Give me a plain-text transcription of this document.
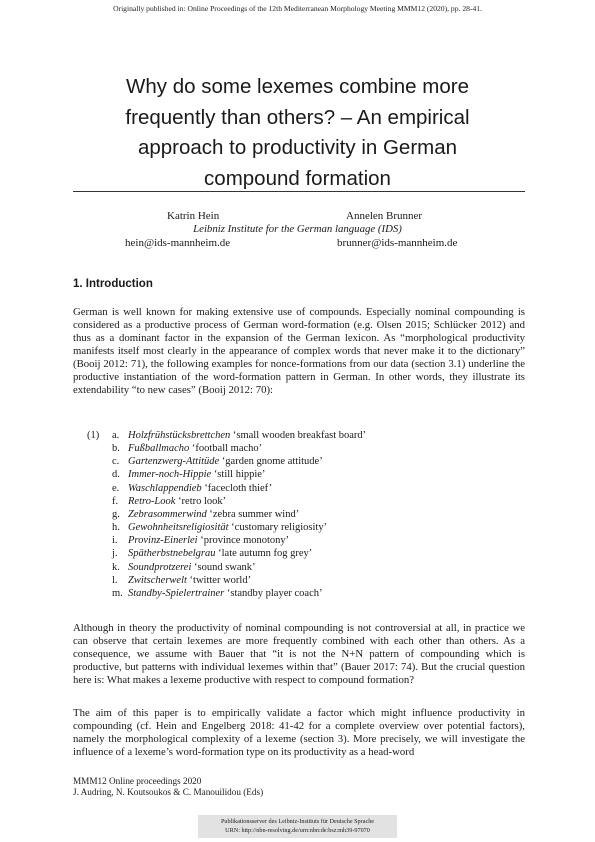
Originally published in: Online Proceedings of the 12th Mediterranean Morphology Meeting MMM12 (2020), pp. 28-41.
Why do some lexemes combine more
frequently than others? – An empirical
approach to productivity in German
compound formation
Katrin Hein	Annelen Brunner
Leibniz Institute for the German language (IDS)
hein@ids-mannheim.de	brunner@ids-mannheim.de
1. Introduction
German is well known for making extensive use of compounds. Especially nominal compounding is considered as a productive process of German word-formation (e.g. Olsen 2015; Schlücker 2012) and thus as a dominant factor in the expansion of the German lexicon. As “morphological productivity manifests itself most clearly in the appearance of complex words that never make it to the dictionary” (Booij 2012: 71), the following examples for nonce-formations from our data (section 3.1) underline the productive instantiation of the word-formation pattern in German. In other words, they illustrate its extendability “to new cases” (Booij 2012: 70):
(1) a. Holzfrühstücksbrettchen ‘small wooden breakfast board’
b. Fußballmacho ‘football macho’
c. Gartenzwerg-Attitüde ‘garden gnome attitude’
d. Immer-noch-Hippie ‘still hippie’
e. Waschlappendieb ‘facecloth thief’
f. Retro-Look ‘retro look’
g. Zebrasommerwind ‘zebra summer wind’
h. Gewohnheitsreligiosität ‘customary religiosity’
i. Provinz-Einerlei ‘province monotony’
j. Spätherbstnebelgrau ‘late autumn fog grey’
k. Soundprotzerei ‘sound swank’
l. Zwitscherwelt ‘twitter world’
m. Standby-Spielertrainer ‘standby player coach’
Although in theory the productivity of nominal compounding is not controversial at all, in practice we can observe that certain lexemes are more frequently combined with each other than others. As a consequence, we assume with Bauer that “it is not the N+N pattern of compounding which is productive, but patterns with individual lexemes within that” (Bauer 2017: 74). But the crucial question here is: What makes a lexeme productive with respect to compound formation?
The aim of this paper is to empirically validate a factor which might influence productivity in compounding (cf. Hein and Engelberg 2018: 41-42 for a complete overview over potential factors), namely the morphological complexity of a lexeme (section 3). More precisely, we will investigate the influence of a lexeme’s word-formation type on its productivity as a head-word
MMM12 Online proceedings 2020
J. Audring, N. Koutsoukos & C. Manouilidou (Eds)
Publikationsserver des Leibniz-Instituts für Deutsche Sprache
URN: http://nbn-resolving.de/urn:nbn:de:bsz:mh39-97070
